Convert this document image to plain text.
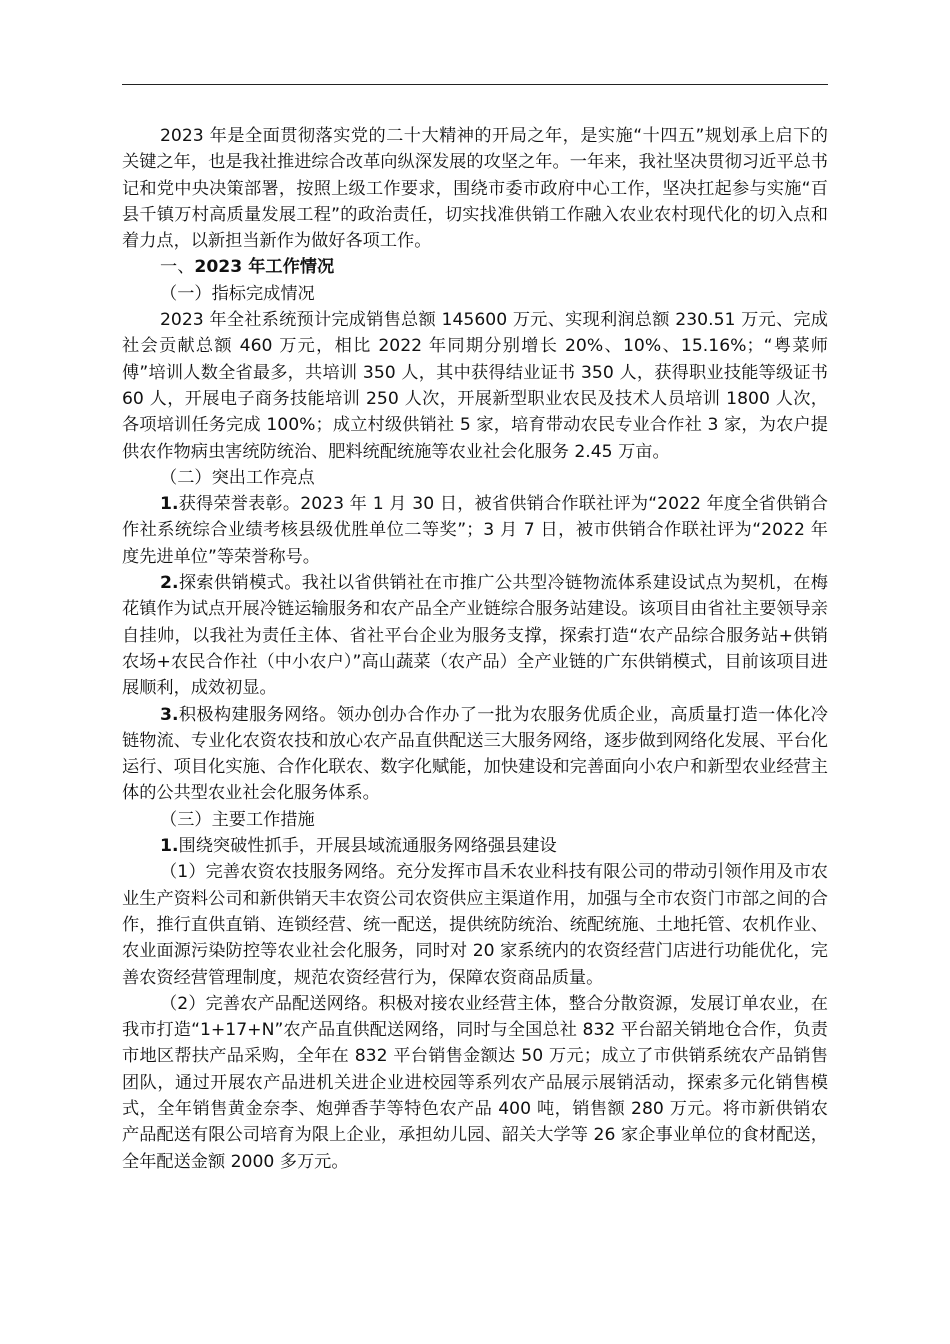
2023 年是全面贯彻落实党的二十大精神的开局之年，是实施“十四五”规划承上启下的关键之年，也是我社推进综合改革向纵深发展的攻坚之年。一年来，我社坚决贯彻习近平总书记和党中央决策部署，按照上级工作要求，围绕市委市政府中心工作，坚决扛起参与实施“百县千镇万村高质量发展工程”的政治责任，切实找准供销工作融入农业农村现代化的切入点和着力点，以新担当新作为做好各项工作。

一、2023 年工作情况

（一）指标完成情况

2023 年全社系统预计完成销售总额 145600 万元、实现利润总额 230.51 万元、完成社会贡献总额 460 万元，相比 2022 年同期分别增长 20%、10%、15.16%；“粤菜师傅”培训人数全省最多，共培训 350 人，其中获得结业证书 350 人，获得职业技能等级证书 60 人，开展电子商务技能培训 250 人次，开展新型职业农民及技术人员培训 1800 人次，各项培训任务完成 100%；成立村级供销社 5 家，培育带动农民专业合作社 3 家，为农户提供农作物病虫害统防统治、肥料统配统施等农业社会化服务 2.45 万亩。

（二）突出工作亮点

1.获得荣誉表彰。2023 年 1 月 30 日，被省供销合作联社评为“2022 年度全省供销合作社系统综合业绩考核县级优胜单位二等奖”；3 月 7 日，被市供销合作联社评为“2022 年度先进单位”等荣誉称号。

2.探索供销模式。我社以省供销社在市推广公共型冷链物流体系建设试点为契机，在梅花镇作为试点开展冷链运输服务和农产品全产业链综合服务站建设。该项目由省社主要领导亲自挂帅，以我社为责任主体、省社平台企业为服务支撑，探索打造“农产品综合服务站+供销农场+农民合作社（中小农户）”高山蔬菜（农产品）全产业链的广东供销模式，目前该项目进展顺利，成效初显。

3.积极构建服务网络。领办创办合作办了一批为农服务优质企业，高质量打造一体化冷链物流、专业化农资农技和放心农产品直供配送三大服务网络，逐步做到网络化发展、平台化运行、项目化实施、合作化联农、数字化赋能，加快建设和完善面向小农户和新型农业经营主体的公共型农业社会化服务体系。

（三）主要工作措施

1.围绕突破性抓手，开展县域流通服务网络强县建设

（1）完善农资农技服务网络。充分发挥市昌禾农业科技有限公司的带动引领作用及市农业生产资料公司和新供销天丰农资公司农资供应主渠道作用，加强与全市农资门市部之间的合作，推行直供直销、连锁经营、统一配送，提供统防统治、统配统施、土地托管、农机作业、农业面源污染防控等农业社会化服务，同时对 20 家系统内的农资经营门店进行功能优化，完善农资经营管理制度，规范农资经营行为，保障农资商品质量。

（2）完善农产品配送网络。积极对接农业经营主体，整合分散资源，发展订单农业，在我市打造“1+17+N”农产品直供配送网络，同时与全国总社 832 平台韶关销地仓合作，负责市地区帮扶产品采购，全年在 832 平台销售金额达 50 万元；成立了市供销系统农产品销售团队，通过开展农产品进机关进企业进校园等系列农产品展示展销活动，探索多元化销售模式，全年销售黄金奈李、炮弹香芋等特色农产品 400 吨，销售额 280 万元。将市新供销农产品配送有限公司培育为限上企业，承担幼儿园、韶关大学等 26 家企事业单位的食材配送，全年配送金额 2000 多万元。
